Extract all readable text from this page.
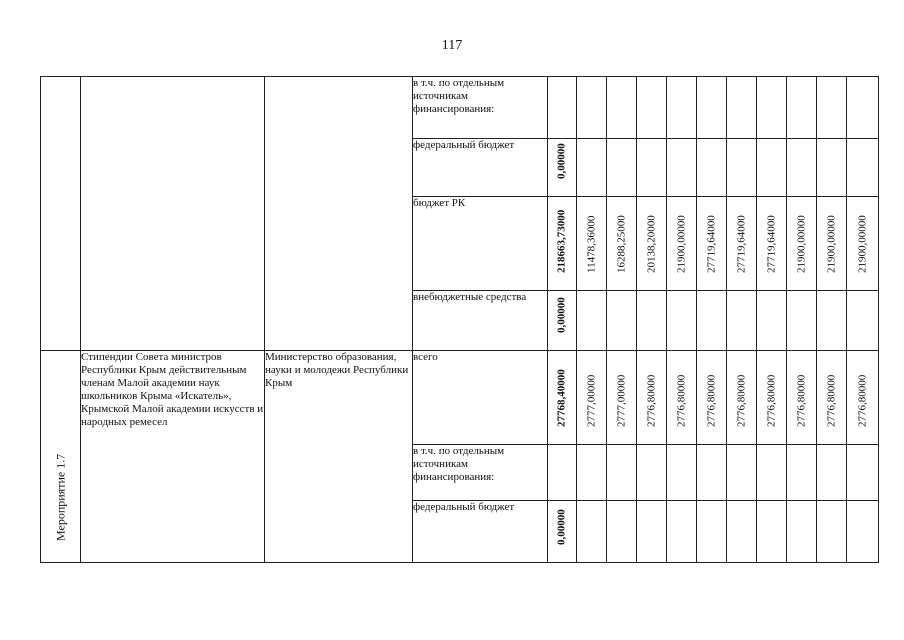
117
			в т.ч. по отдельным источникам финансирования:											
			федеральный бюджет	0,00000										

			бюджет РК	218663,73000	11478,36000	16288,25000	20138,20000	21900,00000	27719,64000	27719,64000	27719,64000	21900,00000	21900,00000	21900,00000

			внебюджетные средства	0,00000										

Мероприятие 1.7	Стипендии Совета министров Республики Крым действительным членам Малой академии наук школьников Крыма «Искатель», Крымской Малой академии искусств и народных ремесел	Министерство образования, науки и молодежи Республики Крым	всего	27768,40000	2777,00000	2777,00000	2776,80000	2776,80000	2776,80000	2776,80000	2776,80000	2776,80000	2776,80000	2776,80000

			в т.ч. по отдельным источникам финансирования:											
			федеральный бюджет	0,00000										
